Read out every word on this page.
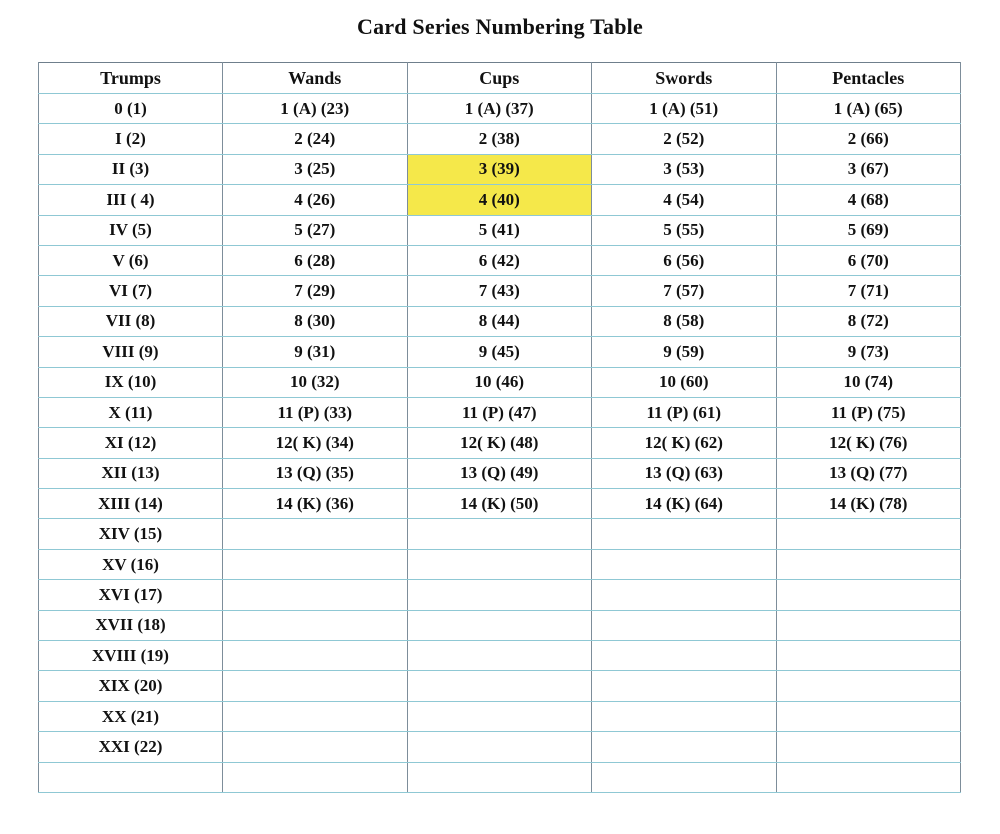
Card Series Numbering Table
Trumps	Wands	Cups	Swords	Pentacles
0 (1)	1 (A) (23)	1 (A) (37)	1 (A) (51)	1 (A) (65)
I (2)	2 (24)	2 (38)	2 (52)	2 (66)
II (3)	3 (25)	3 (39)	3 (53)	3 (67)
III ( 4)	4 (26)	4 (40)	4 (54)	4 (68)
IV (5)	5 (27)	5 (41)	5 (55)	5 (69)
V (6)	6 (28)	6 (42)	6 (56)	6 (70)
VI (7)	7 (29)	7 (43)	7 (57)	7 (71)
VII (8)	8 (30)	8 (44)	8 (58)	8 (72)
VIII (9)	9 (31)	9 (45)	9 (59)	9 (73)
IX (10)	10 (32)	10 (46)	10 (60)	10 (74)
X (11)	11 (P) (33)	11 (P) (47)	11 (P) (61)	11 (P) (75)
XI (12)	12( K) (34)	12( K) (48)	12( K) (62)	12( K) (76)
XII (13)	13 (Q) (35)	13 (Q) (49)	13 (Q) (63)	13 (Q) (77)
XIII (14)	14 (K) (36)	14 (K) (50)	14 (K) (64)	14 (K) (78)
XIV (15)				
XV (16)				
XVI (17)				
XVII (18)				
XVIII (19)				
XIX (20)				
XX (21)				
XXI (22)				
